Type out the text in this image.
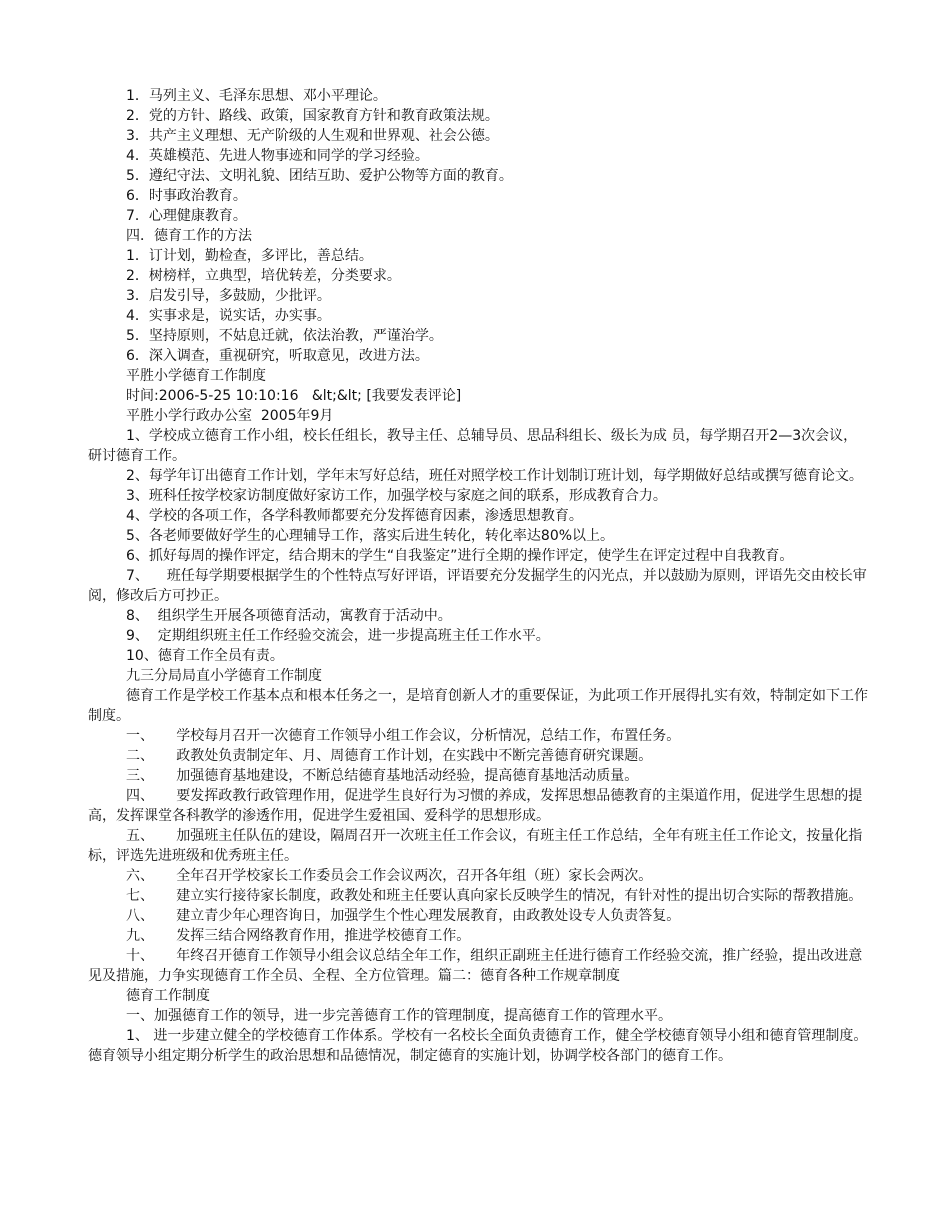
1．马列主义、毛泽东思想、邓小平理论。

2．党的方针、路线、政策，国家教育方针和教育政策法规。

3．共产主义理想、无产阶级的人生观和世界观、社会公德。

4．英雄模范、先进人物事迹和同学的学习经验。

5．遵纪守法、文明礼貌、团结互助、爱护公物等方面的教育。

6．时事政治教育。

7．心理健康教育。

四．德育工作的方法

1．订计划，勤检查，多评比，善总结。

2．树榜样，立典型，培优转差，分类要求。

3．启发引导，多鼓励，少批评。

4．实事求是，说实话，办实事。

5．坚持原则，不姑息迁就，依法治教，严谨治学。

6．深入调查，重视研究，听取意见，改进方法。

平胜小学德育工作制度

时间:2006-5-25 10:10:16   &lt;&lt; [我要发表评论]

平胜小学行政办公室  2005年9月

1、学校成立德育工作小组，校长任组长，教导主任、总辅导员、思品科组长、级长为成 员，每学期召开2—3次会议，研讨德育工作。

2、每学年订出德育工作计划，学年末写好总结，班任对照学校工作计划制订班计划，每学期做好总结或撰写德育论文。

3、班科任按学校家访制度做好家访工作，加强学校与家庭之间的联系，形成教育合力。

4、学校的各项工作，各学科教师都要充分发挥德育因素，渗透思想教育。

5、各老师要做好学生的心理辅导工作，落实后进生转化，转化率达80%以上。

6、抓好每周的操作评定，结合期末的学生“自我鉴定”进行全期的操作评定，使学生在评定过程中自我教育。

7、    班任每学期要根据学生的个性特点写好评语，评语要充分发掘学生的闪光点，并以鼓励为原则，评语先交由校长审阅，修改后方可抄正。

8、  组织学生开展各项德育活动，寓教育于活动中。

9、  定期组织班主任工作经验交流会，进一步提高班主任工作水平。

10、德育工作全员有责。

九三分局局直小学德育工作制度

德育工作是学校工作基本点和根本任务之一，是培育创新人才的重要保证，为此项工作开展得扎实有效，特制定如下工作制度。

一、     学校每月召开一次德育工作领导小组工作会议，分析情况，总结工作，布置任务。

二、     政教处负责制定年、月、周德育工作计划，在实践中不断完善德育研究课题。

三、     加强德育基地建设，不断总结德育基地活动经验，提高德育基地活动质量。

四、     要发挥政教行政管理作用，促进学生良好行为习惯的养成，发挥思想品德教育的主渠道作用，促进学生思想的提高，发挥课堂各科教学的渗透作用，促进学生爱祖国、爱科学的思想形成。

五、     加强班主任队伍的建设，隔周召开一次班主任工作会议，有班主任工作总结，全年有班主任工作论文，按量化指标，评选先进班级和优秀班主任。

六、     全年召开学校家长工作委员会工作会议两次，召开各年组（班）家长会两次。

七、     建立实行接待家长制度，政教处和班主任要认真向家长反映学生的情况，有针对性的提出切合实际的帮教措施。

八、     建立青少年心理咨询日，加强学生个性心理发展教育，由政教处设专人负责答复。

九、     发挥三结合网络教育作用，推进学校德育工作。

十、     年终召开德育工作领导小组会议总结全年工作，组织正副班主任进行德育工作经验交流，推广经验，提出改进意见及措施，力争实现德育工作全员、全程、全方位管理。篇二：德育各种工作规章制度

德育工作制度

一、加强德育工作的领导，进一步完善德育工作的管理制度，提高德育工作的管理水平。

1、 进一步建立健全的学校德育工作体系。学校有一名校长全面负责德育工作，健全学校德育领导小组和德育管理制度。德育领导小组定期分析学生的政治思想和品德情况，制定德育的实施计划，协调学校各部门的德育工作。
